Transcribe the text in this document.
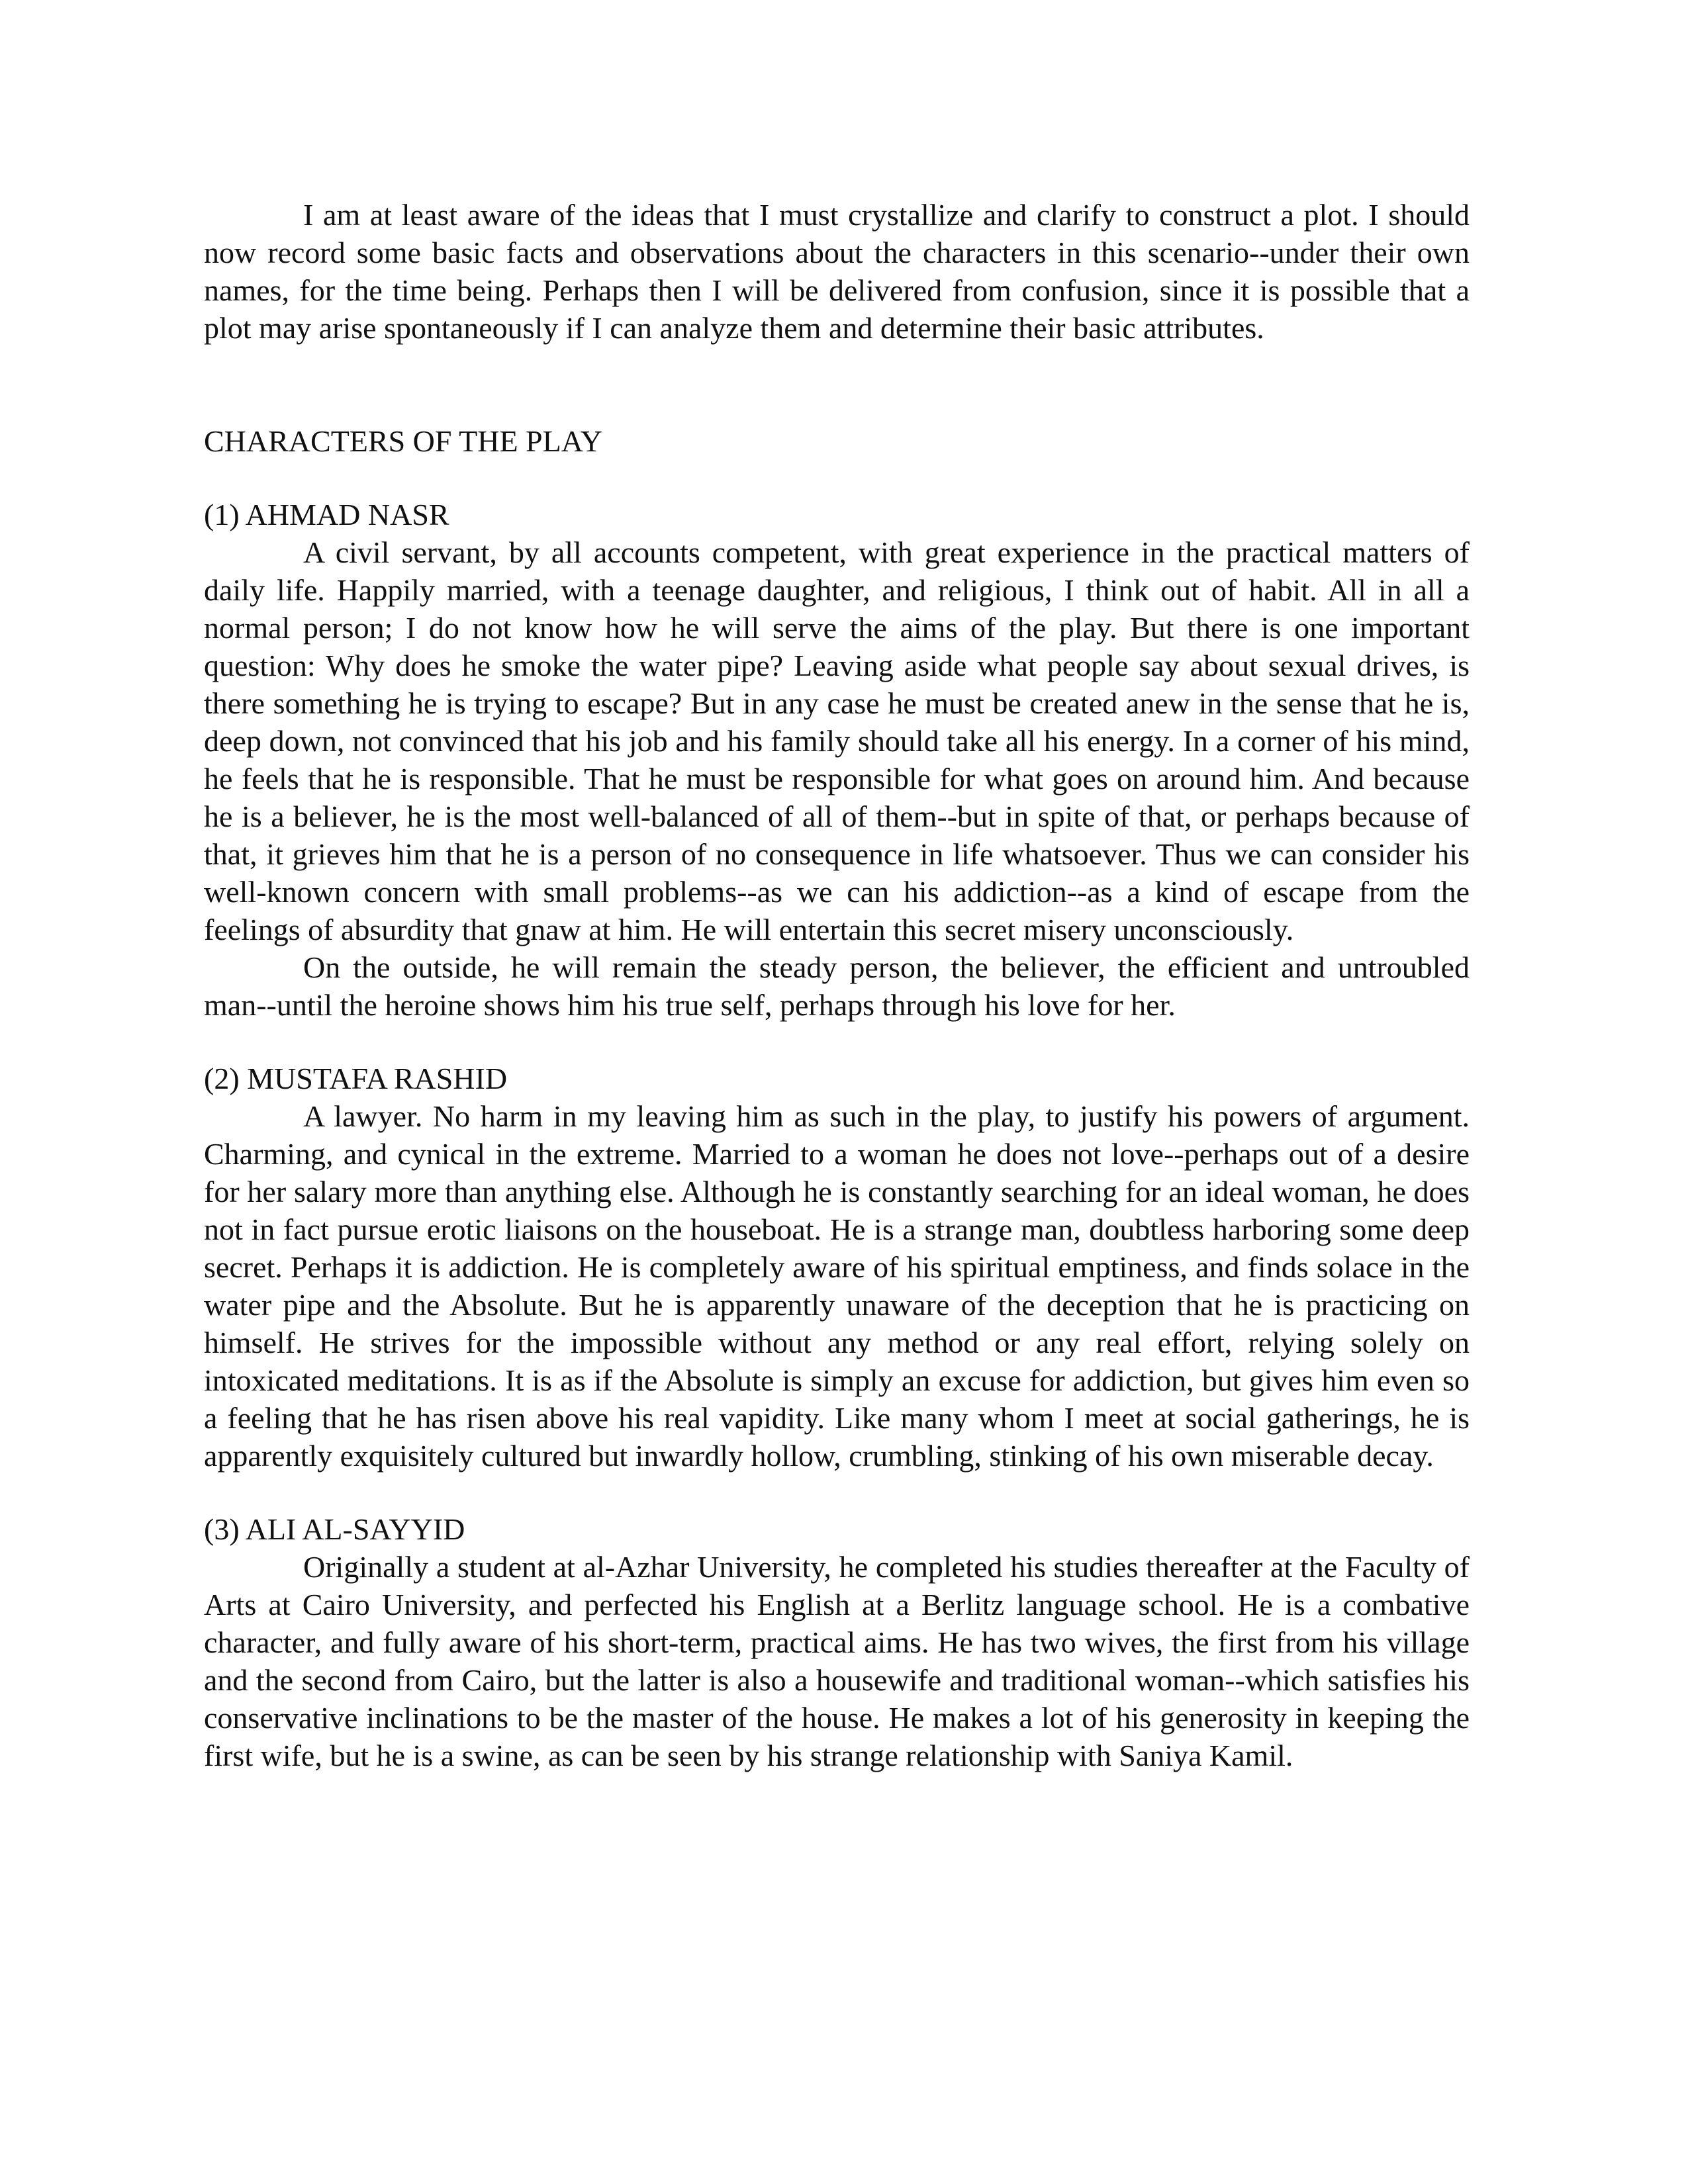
I am at least aware of the ideas that I must crystallize and clarify to construct a plot. I should now record some basic facts and observations about the characters in this scenario--under their own names, for the time being. Perhaps then I will be delivered from confusion, since it is possible that a plot may arise spontaneously if I can analyze them and determine their basic attributes.

CHARACTERS OF THE PLAY
(1) AHMAD NASR

A civil servant, by all accounts competent, with great experience in the practical matters of daily life. Happily married, with a teenage daughter, and religious, I think out of habit. All in all a normal person; I do not know how he will serve the aims of the play. But there is one important question: Why does he smoke the water pipe? Leaving aside what people say about sexual drives, is there something he is trying to escape? But in any case he must be created anew in the sense that he is, deep down, not convinced that his job and his family should take all his energy. In a corner of his mind, he feels that he is responsible. That he must be responsible for what goes on around him. And because he is a believer, he is the most well-balanced of all of them--but in spite of that, or perhaps because of that, it grieves him that he is a person of no consequence in life whatsoever. Thus we can consider his well-known concern with small problems--as we can his addiction--as a kind of escape from the feelings of absurdity that gnaw at him. He will entertain this secret misery unconsciously.

On the outside, he will remain the steady person, the believer, the efficient and untroubled man--until the heroine shows him his true self, perhaps through his love for her.

(2) MUSTAFA RASHID

A lawyer. No harm in my leaving him as such in the play, to justify his powers of argument. Charming, and cynical in the extreme. Married to a woman he does not love--perhaps out of a desire for her salary more than anything else. Although he is constantly searching for an ideal woman, he does not in fact pursue erotic liaisons on the houseboat. He is a strange man, doubtless harboring some deep secret. Perhaps it is addiction. He is completely aware of his spiritual emptiness, and finds solace in the water pipe and the Absolute. But he is apparently unaware of the deception that he is practicing on himself. He strives for the impossible without any method or any real effort, relying solely on intoxicated meditations. It is as if the Absolute is simply an excuse for addiction, but gives him even so a feeling that he has risen above his real vapidity. Like many whom I meet at social gatherings, he is apparently exquisitely cultured but inwardly hollow, crumbling, stinking of his own miserable decay.

(3) ALI AL-SAYYID

Originally a student at al-Azhar University, he completed his studies thereafter at the Faculty of Arts at Cairo University, and perfected his English at a Berlitz language school. He is a combative character, and fully aware of his short-term, practical aims. He has two wives, the first from his village and the second from Cairo, but the latter is also a housewife and traditional woman--which satisfies his conservative inclinations to be the master of the house. He makes a lot of his generosity in keeping the first wife, but he is a swine, as can be seen by his strange relationship with Saniya Kamil.
